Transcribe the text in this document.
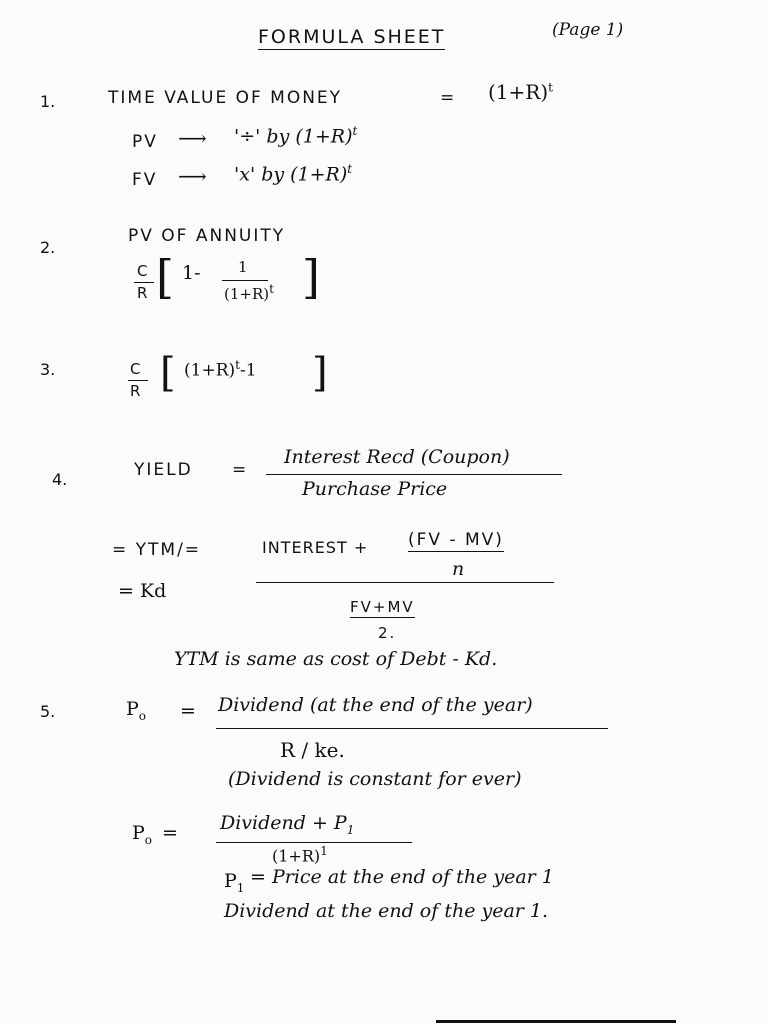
FORMULA SHEET	(Page 1)
1.	TIME VALUE OF MONEY	= $(1+R)^t$
PV ⟶ '÷' by $(1+R)^t$
FV ⟶ 'x' by $(1+R)^t$
2.
PV OF ANNUITY
C
R [ 1- 1
$(1+R)^t$ ]
3.	C
R [ $(1+R)^t-1$ ]
4.	YIELD =
Interest Recd (Coupon)
Purchase Price
= YTM/=
= Kd
INTEREST + (FV - MV)
n
FV+MV
2.
YTM is same as cost of Debt - Kd.
5.	$P_o$ = Dividend (at the end of the year)
R / ke.
(Dividend is constant for ever)
$P_o$ = Dividend + $P_1$
$(1+R)^1$
$P_1$ = Price at the end of the year 1
Dividend at the end of the year 1.
